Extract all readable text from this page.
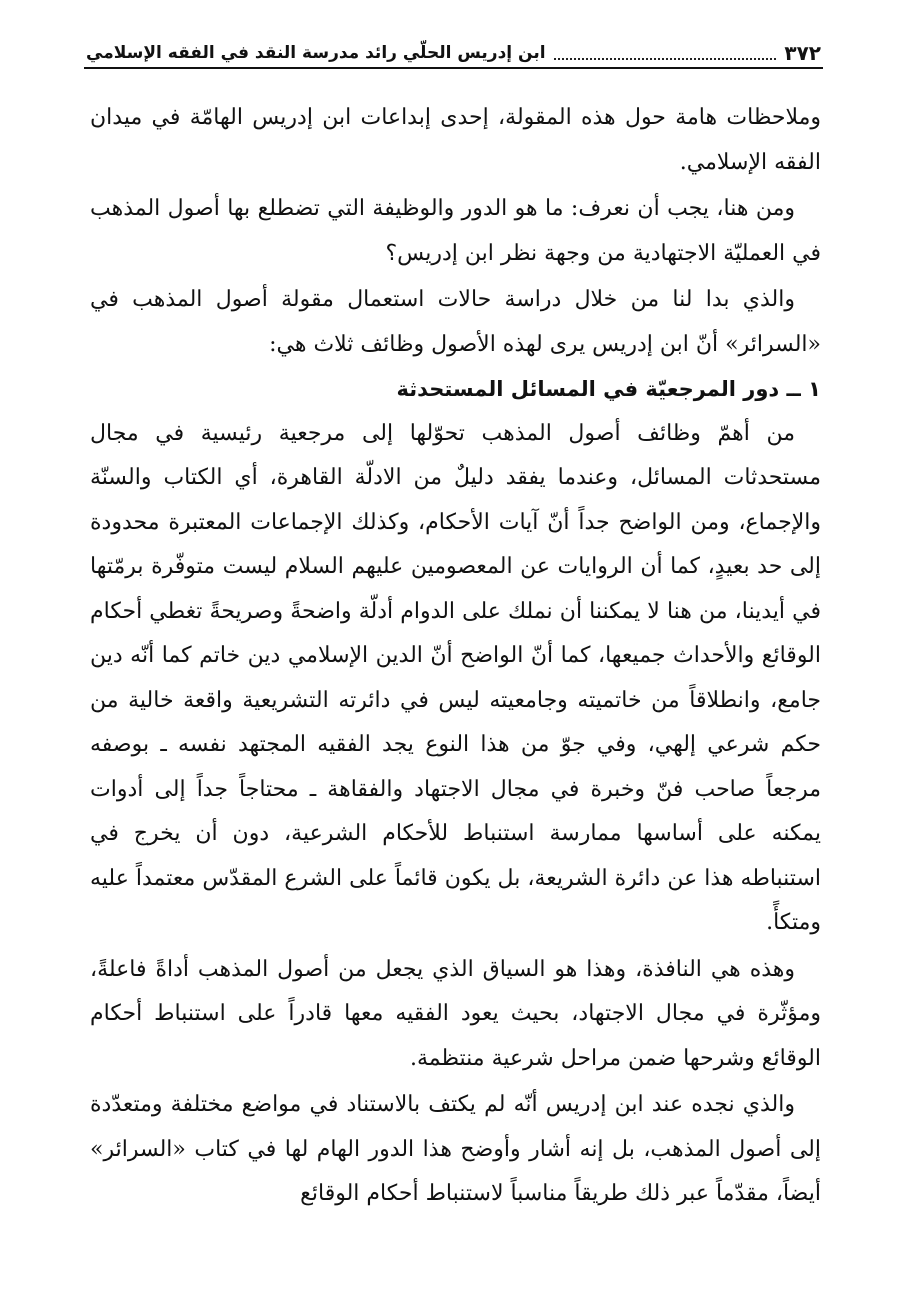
٣٧٢
ابن إدريس الحلّي رائد مدرسة النقد في الفقه الإسلامي

وملاحظات هامة حول هذه المقولة، إحدى إبداعات ابن إدريس الهامّة في ميدان الفقه الإسلامي.

ومن هنا، يجب أن نعرف: ما هو الدور والوظيفة التي تضطلع بها أصول المذهب في العمليّة الاجتهادية من وجهة نظر ابن إدريس؟

والذي بدا لنا من خلال دراسة حالات استعمال مقولة أصول المذهب في «السرائر» أنّ ابن إدريس يرى لهذه الأصول وظائف ثلاث هي:

١ ــ دور المرجعيّة في المسائل المستحدثة

من أهمّ وظائف أصول المذهب تحوّلها إلى مرجعية رئيسية في مجال مستحدثات المسائل، وعندما يفقد دليلٌ من الادلّة القاهرة، أي الكتاب والسنّة والإجماع، ومن الواضح جداً أنّ آيات الأحكام، وكذلك الإجماعات المعتبرة محدودة إلى حد بعيدٍ، كما أن الروايات عن المعصومين عليهم السلام ليست متوفّرة برمّتها في أيدينا، من هنا لا يمكننا أن نملك على الدوام أدلّة واضحةً وصريحةً تغطي أحكام الوقائع والأحداث جميعها، كما أنّ الواضح أنّ الدين الإسلامي دين خاتم كما أنّه دين جامع، وانطلاقاً من خاتميته وجامعيته ليس في دائرته التشريعية واقعة خالية من حكم شرعي إلهي، وفي جوّ من هذا النوع يجد الفقيه المجتهد نفسه ـ بوصفه مرجعاً صاحب فنّ وخبرة في مجال الاجتهاد والفقاهة ـ محتاجاً جداً إلى أدوات يمكنه على أساسها ممارسة استنباط للأحكام الشرعية، دون أن يخرج في استنباطه هذا عن دائرة الشريعة، بل يكون قائماً على الشرع المقدّس معتمداً عليه ومتكأً.

وهذه هي النافذة، وهذا هو السياق الذي يجعل من أصول المذهب أداةً فاعلةً، ومؤثّرة في مجال الاجتهاد، بحيث يعود الفقيه معها قادراً على استنباط أحكام الوقائع وشرحها ضمن مراحل شرعية منتظمة.

والذي نجده عند ابن إدريس أنّه لم يكتف بالاستناد في مواضع مختلفة ومتعدّدة إلى أصول المذهب، بل إنه أشار وأوضح هذا الدور الهام لها في كتاب «السرائر» أيضاً، مقدّماً عبر ذلك طريقاً مناسباً لاستنباط أحكام الوقائع
